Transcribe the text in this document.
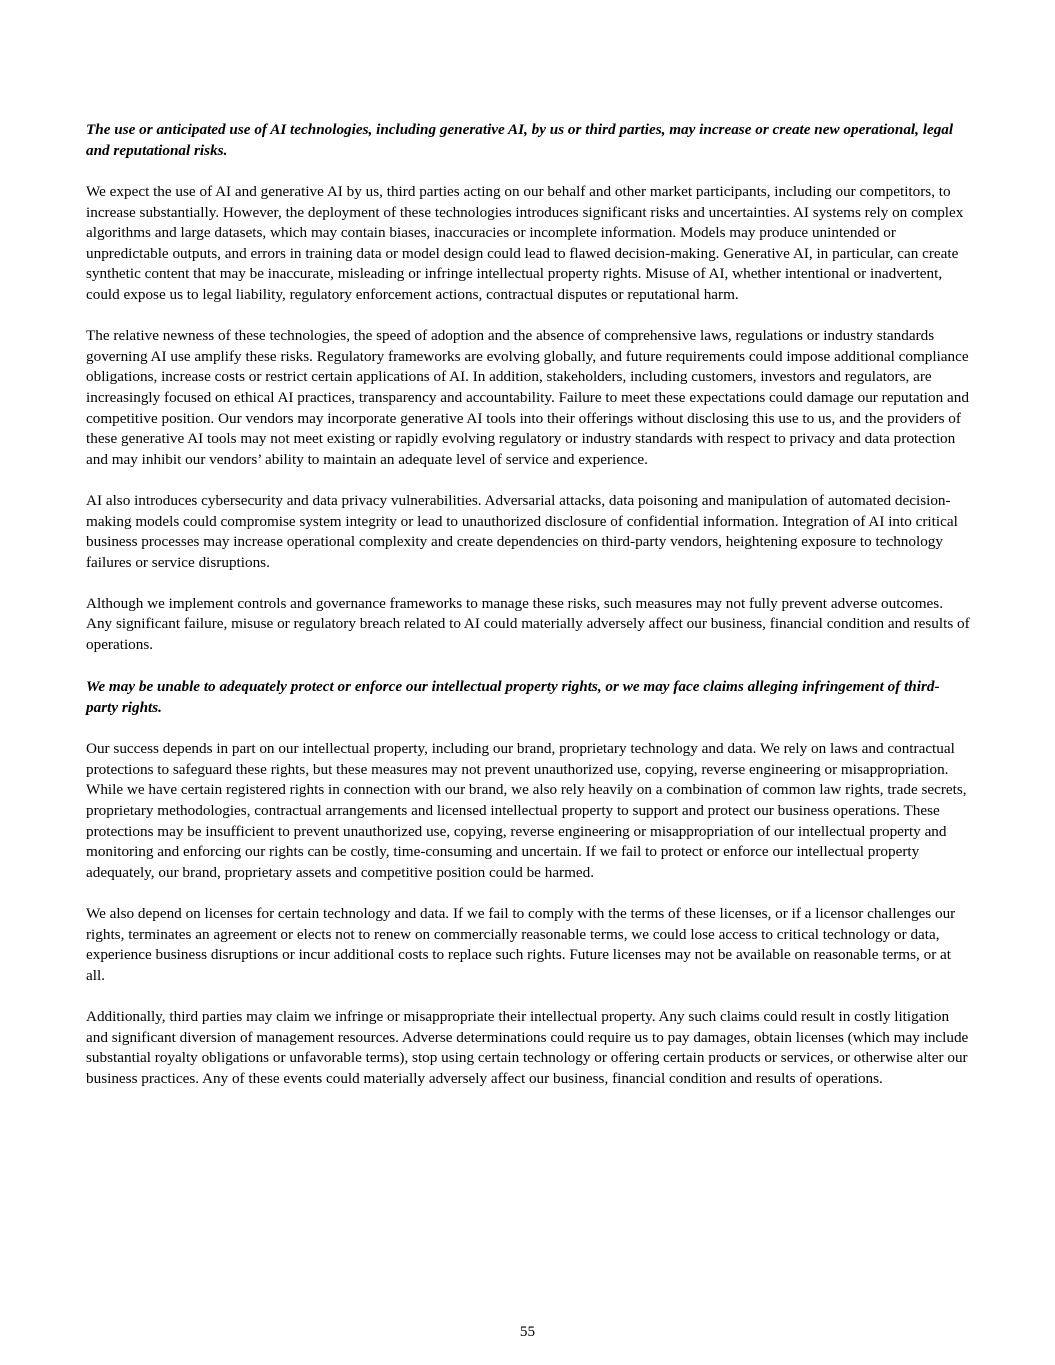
The use or anticipated use of AI technologies, including generative AI, by us or third parties, may increase or create new operational, legal and reputational risks.

We expect the use of AI and generative AI by us, third parties acting on our behalf and other market participants, including our competitors, to increase substantially. However, the deployment of these technologies introduces significant risks and uncertainties. AI systems rely on complex algorithms and large datasets, which may contain biases, inaccuracies or incomplete information. Models may produce unintended or unpredictable outputs, and errors in training data or model design could lead to flawed decision-making. Generative AI, in particular, can create synthetic content that may be inaccurate, misleading or infringe intellectual property rights. Misuse of AI, whether intentional or inadvertent, could expose us to legal liability, regulatory enforcement actions, contractual disputes or reputational harm.

The relative newness of these technologies, the speed of adoption and the absence of comprehensive laws, regulations or industry standards governing AI use amplify these risks. Regulatory frameworks are evolving globally, and future requirements could impose additional compliance obligations, increase costs or restrict certain applications of AI. In addition, stakeholders, including customers, investors and regulators, are increasingly focused on ethical AI practices, transparency and accountability. Failure to meet these expectations could damage our reputation and competitive position. Our vendors may incorporate generative AI tools into their offerings without disclosing this use to us, and the providers of these generative AI tools may not meet existing or rapidly evolving regulatory or industry standards with respect to privacy and data protection and may inhibit our vendors’ ability to maintain an adequate level of service and experience.

AI also introduces cybersecurity and data privacy vulnerabilities. Adversarial attacks, data poisoning and manipulation of automated decision-making models could compromise system integrity or lead to unauthorized disclosure of confidential information. Integration of AI into critical business processes may increase operational complexity and create dependencies on third-party vendors, heightening exposure to technology failures or service disruptions.

Although we implement controls and governance frameworks to manage these risks, such measures may not fully prevent adverse outcomes. Any significant failure, misuse or regulatory breach related to AI could materially adversely affect our business, financial condition and results of operations.

We may be unable to adequately protect or enforce our intellectual property rights, or we may face claims alleging infringement of third-party rights.

Our success depends in part on our intellectual property, including our brand, proprietary technology and data. We rely on laws and contractual protections to safeguard these rights, but these measures may not prevent unauthorized use, copying, reverse engineering or misappropriation. While we have certain registered rights in connection with our brand, we also rely heavily on a combination of common law rights, trade secrets, proprietary methodologies, contractual arrangements and licensed intellectual property to support and protect our business operations. These protections may be insufficient to prevent unauthorized use, copying, reverse engineering or misappropriation of our intellectual property and monitoring and enforcing our rights can be costly, time-consuming and uncertain. If we fail to protect or enforce our intellectual property adequately, our brand, proprietary assets and competitive position could be harmed.

We also depend on licenses for certain technology and data. If we fail to comply with the terms of these licenses, or if a licensor challenges our rights, terminates an agreement or elects not to renew on commercially reasonable terms, we could lose access to critical technology or data, experience business disruptions or incur additional costs to replace such rights. Future licenses may not be available on reasonable terms, or at all.

Additionally, third parties may claim we infringe or misappropriate their intellectual property. Any such claims could result in costly litigation and significant diversion of management resources. Adverse determinations could require us to pay damages, obtain licenses (which may include substantial royalty obligations or unfavorable terms), stop using certain technology or offering certain products or services, or otherwise alter our business practices. Any of these events could materially adversely affect our business, financial condition and results of operations.

55
